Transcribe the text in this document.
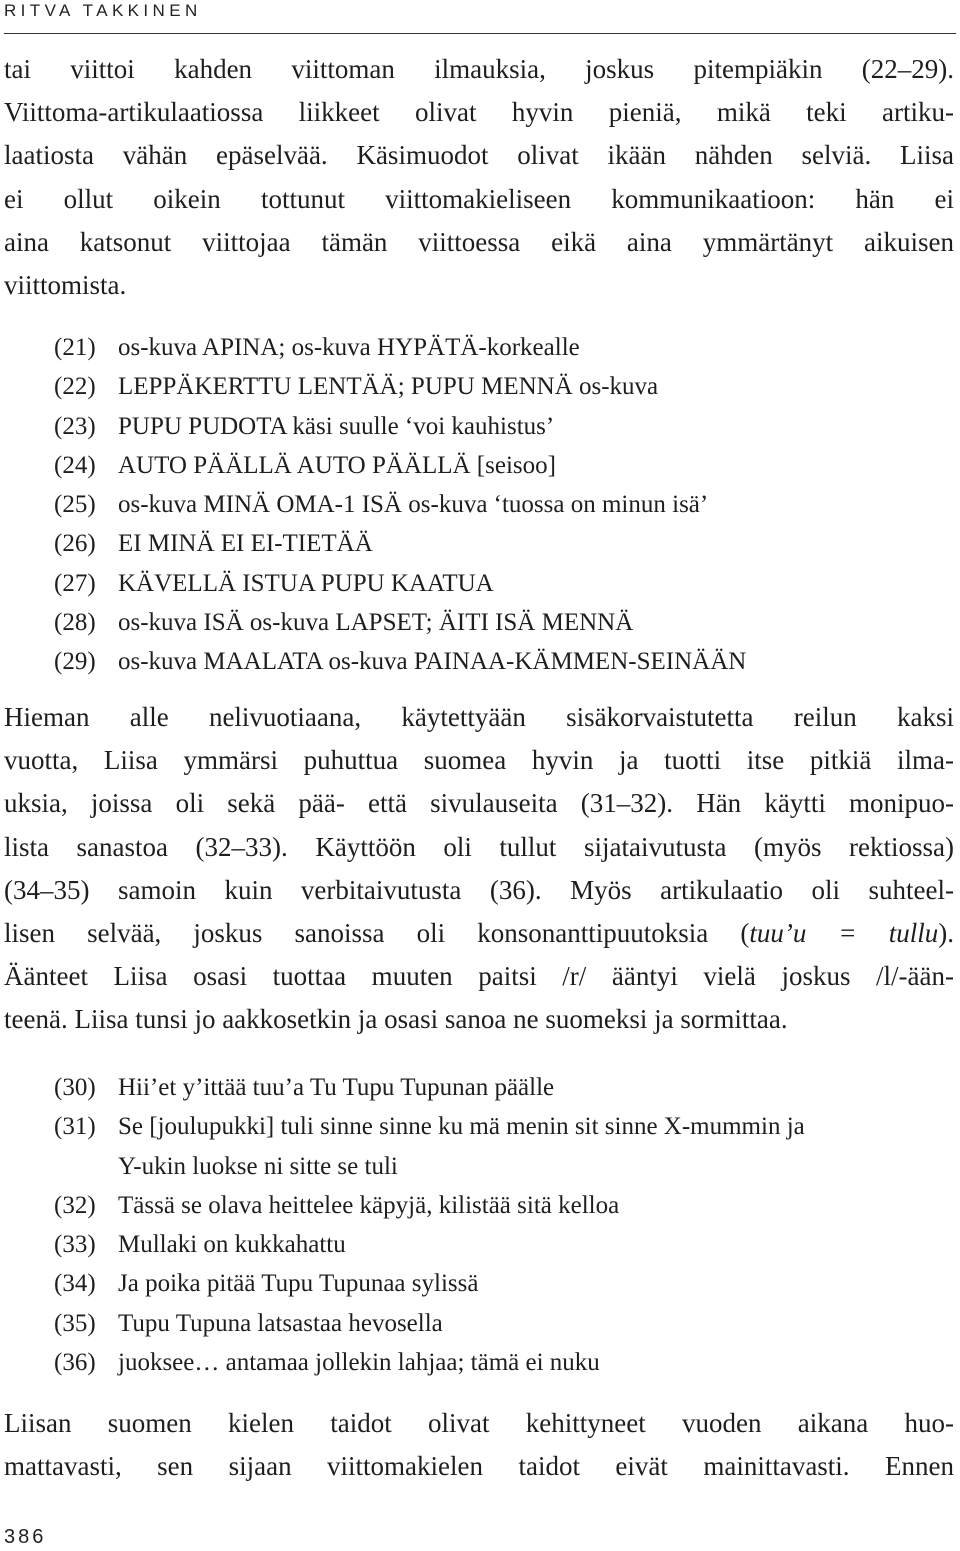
RITVA TAKKINEN
tai viittoi kahden viittoman ilmauksia, joskus pitempiäkin (22–29).
Viittoma-artikulaatiossa liikkeet olivat hyvin pieniä, mikä teki artiku-
laatiosta vähän epäselvää. Käsimuodot olivat ikään nähden selviä. Liisa
ei ollut oikein tottunut viittomakieliseen kommunikaatioon: hän ei
aina katsonut viittojaa tämän viittoessa eikä aina ymmärtänyt aikuisen
viittomista.
(21) os-kuva APINA; os-kuva HYPÄTÄ-korkealle
(22) LEPPÄKERTTU LENTÄÄ; PUPU MENNÄ os-kuva
(23) PUPU PUDOTA käsi suulle ‘voi kauhistus’
(24) AUTO PÄÄLLÄ AUTO PÄÄLLÄ [seisoo]
(25) os-kuva MINÄ OMA-1 ISÄ os-kuva ‘tuossa on minun isä’
(26) EI MINÄ EI EI-TIETÄÄ
(27) KÄVELLÄ ISTUA PUPU KAATUA
(28) os-kuva ISÄ os-kuva LAPSET; ÄITI ISÄ MENNÄ
(29) os-kuva MAALATA os-kuva PAINAA-KÄMMEN-SEINÄÄN
Hieman alle nelivuotiaana, käytettyään sisäkorvaistutetta reilun kaksi
vuotta, Liisa ymmärsi puhuttua suomea hyvin ja tuotti itse pitkiä ilma-
uksia, joissa oli sekä pää- että sivulauseita (31–32). Hän käytti monipuo-
lista sanastoa (32–33). Käyttöön oli tullut sijataivutusta (myös rektiossa)
(34–35) samoin kuin verbitaivutusta (36). Myös artikulaatio oli suhteel-
lisen selvää, joskus sanoissa oli konsonanttipuutoksia (tuu’u = tullu).
Äänteet Liisa osasi tuottaa muuten paitsi /r/ ääntyi vielä joskus /l/-ään-
teenä. Liisa tunsi jo aakkosetkin ja osasi sanoa ne suomeksi ja sormittaa.
(30) Hii’et y’ittää tuu’a Tu Tupu Tupunan päälle
(31) Se [joulupukki] tuli sinne sinne ku mä menin sit sinne X-mummin ja
Y-ukin luokse ni sitte se tuli
(32) Tässä se olava heittelee käpyjä, kilistää sitä kelloa
(33) Mullaki on kukkahattu
(34) Ja poika pitää Tupu Tupunaa sylissä
(35) Tupu Tupuna latsastaa hevosella
(36) juoksee… antamaa jollekin lahjaa; tämä ei nuku
Liisan suomen kielen taidot olivat kehittyneet vuoden aikana huo-
mattavasti, sen sijaan viittomakielen taidot eivät mainittavasti. Ennen
386
